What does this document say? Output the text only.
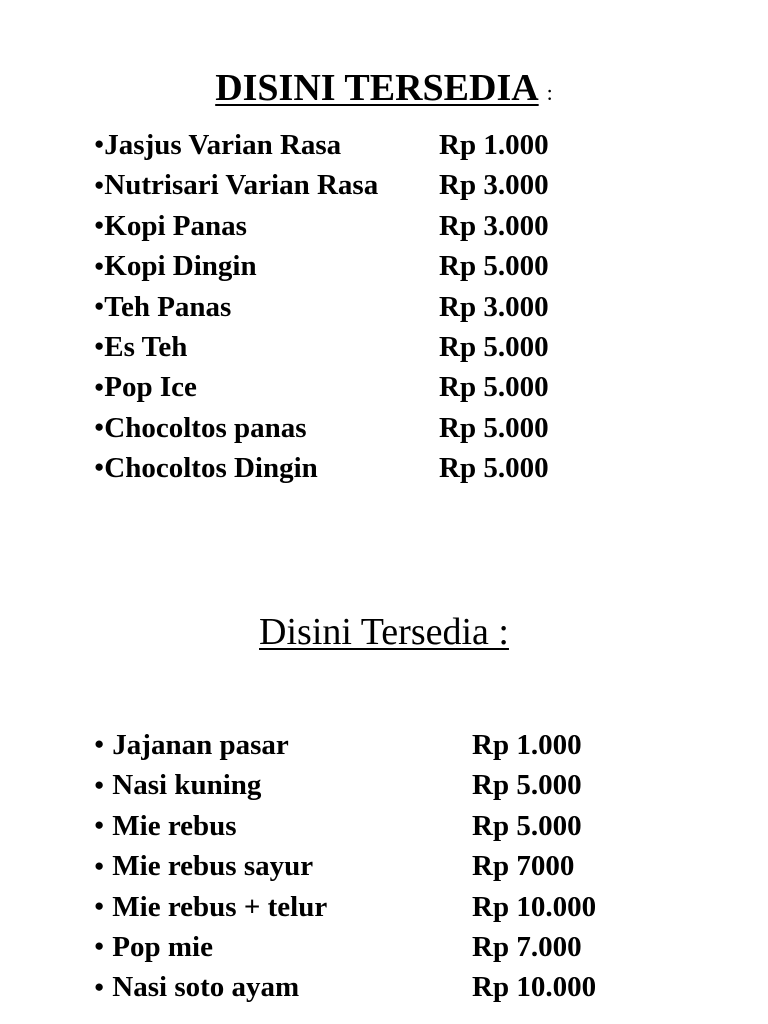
DISINI TERSEDIA :
●Jasjus Varian Rasa	Rp 1.000
●Nutrisari Varian Rasa Rp 3.000
●Kopi Panas	Rp 3.000
●Kopi Dingin	Rp 5.000
●Teh Panas	Rp 3.000
●Es Teh	Rp 5.000
●Pop Ice	Rp 5.000
●Chocoltos panas	Rp 5.000
●Chocoltos Dingin	Rp 5.000
Disini Tersedia :
● Jajanan pasar	Rp 1.000
● Nasi kuning	Rp 5.000
● Mie rebus	Rp 5.000
● Mie rebus sayur	Rp 7000
● Mie rebus + telur	Rp 10.000
● Pop mie	Rp 7.000
● Nasi soto ayam	Rp 10.000
